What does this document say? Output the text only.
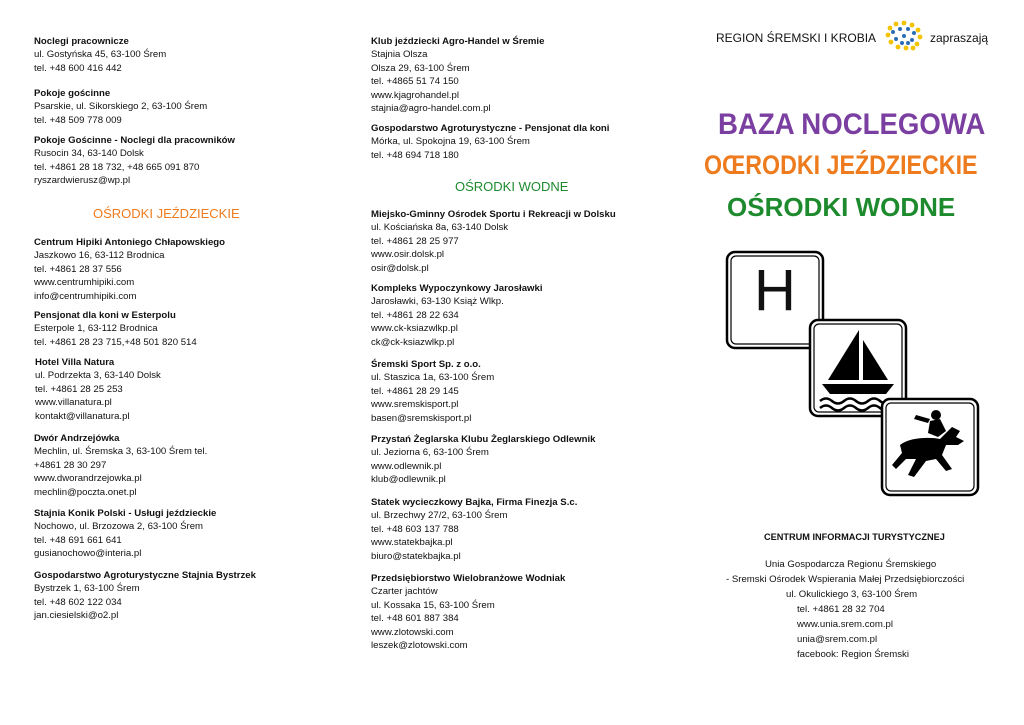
Noclegi pracownicze
ul. Gostyńska 45, 63-100 Śrem
tel. +48 600 416 442
Pokoje gościnne
Psarskie, ul. Sikorskiego 2, 63-100 Śrem
tel. +48 509 778 009
Pokoje Gościnne - Noclegi dla pracowników
Rusocin 34, 63-140 Dolsk
tel. +4861 28 18 732, +48 665 091 870
ryszardwierusz@wp.pl
OŚRODKI JEŹDZIECKIE
Centrum Hipiki Antoniego Chłapowskiego
Jaszkowo 16, 63-112 Brodnica
tel. +4861 28 37 556
www.centrumhipiki.com
info@centrumhipiki.com
Pensjonat dla koni w Esterpolu
Esterpole 1, 63-112 Brodnica
tel. +4861 28 23 715,+48 501 820 514
Hotel Villa Natura
ul. Podrzekta 3, 63-140 Dolsk
tel. +4861 28 25 253
www.villanatura.pl
kontakt@villanatura.pl
Dwór Andrzejówka
Mechlin, ul. Śremska 3, 63-100 Śrem tel.
+4861 28 30 297
www.dworandrzejowka.pl
mechlin@poczta.onet.pl
Stajnia Konik Polski - Usługi jeździeckie
Nochowo, ul. Brzozowa 2, 63-100 Śrem
tel. +48 691 661 641
gusianochowo@interia.pl
Gospodarstwo Agroturystyczne Stajnia Bystrzek
Bystrzek 1, 63-100 Śrem
tel. +48 602 122 034
jan.ciesielski@o2.pl
Klub jeździecki Agro-Handel w Śremie
Stajnia Olsza
Olsza 29, 63-100 Śrem
tel. +4865 51 74 150
www.kjagrohandel.pl
stajnia@agro-handel.com.pl
Gospodarstwo Agroturystyczne - Pensjonat dla koni
Mórka, ul. Spokojna 19, 63-100 Śrem
tel. +48 694 718 180
OŚRODKI WODNE
Miejsko-Gminny Ośrodek Sportu i Rekreacji w Dolsku
ul. Kościańska 8a, 63-140 Dolsk
tel. +4861 28 25 977
www.osir.dolsk.pl
osir@dolsk.pl
Kompleks Wypoczynkowy Jarosławki
Jarosławki, 63-130 Książ Wlkp.
tel. +4861 28 22 634
www.ck-ksiazwlkp.pl
ck@ck-ksiazwlkp.pl
Śremski Sport Sp. z o.o.
ul. Staszica 1a, 63-100 Śrem
tel. +4861 28 29 145
www.sremskisport.pl
basen@sremskisport.pl
Przystań Żeglarska Klubu Żeglarskiego Odlewnik
ul. Jeziorna 6, 63-100 Śrem
www.odlewnik.pl
klub@odlewnik.pl
Statek wycieczkowy Bajka, Firma Finezja S.c.
ul. Brzechwy 27/2, 63-100 Śrem
tel. +48 603 137 788
www.statekbajka.pl
biuro@statekbajka.pl
Przedsiębiorstwo Wielobranżowe Wodniak
Czarter jachtów
ul. Kossaka 15, 63-100 Śrem
tel. +48 601 887 384
www.zlotowski.com
leszek@zlotowski.com
REGION ŚREMSKI I KROBIA	zapraszają
BAZA NOCLEGOWA
OŒRODKI JEŹDZIECKIE
OŚRODKI WODNE
H
CENTRUM INFORMACJI TURYSTYCZNEJ
Unia Gospodarcza Regionu Śremskiego
- Sremski Ośrodek Wspierania Małej Przedsiębiorczości
ul. Okulickiego 3, 63-100 Śrem
tel. +4861 28 32 704
www.unia.srem.com.pl
unia@srem.com.pl
facebook: Region Śremski
